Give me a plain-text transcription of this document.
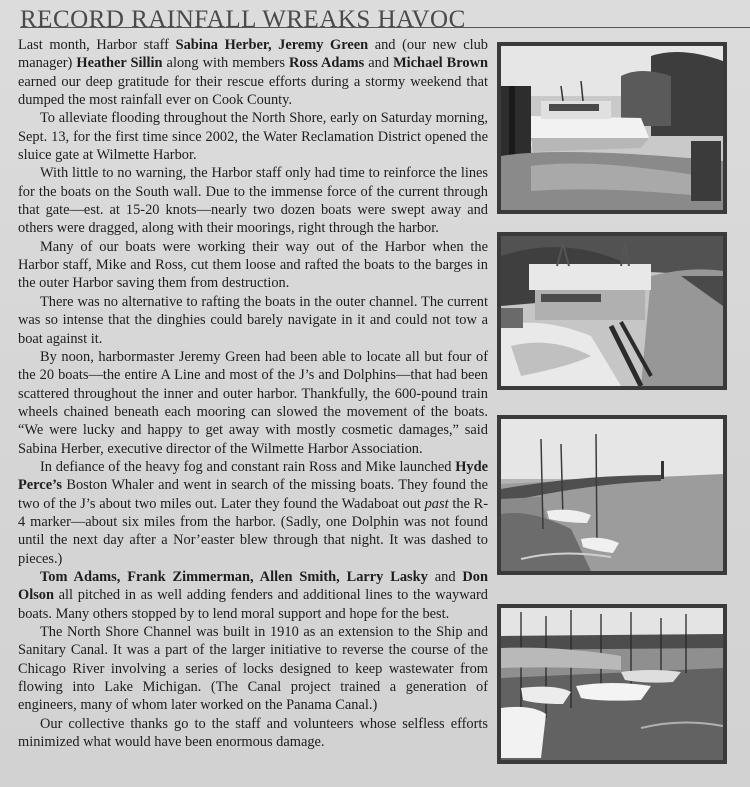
RECORD RAINFALL WREAKS HAVOC

Last month, Harbor staff Sabina Herber, Jeremy Green and (our new club manager) Heather Sillin along with members Ross Adams and Michael Brown earned our deep gratitude for their rescue efforts during a stormy weekend that dumped the most rainfall ever on Cook County.

To alleviate flooding throughout the North Shore, early on Saturday morning, Sept. 13, for the first time since 2002, the Water Reclamation District opened the sluice gate at Wilmette Harbor.

With little to no warning, the Harbor staff only had time to reinforce the lines for the boats on the South wall. Due to the immense force of the current through that gate—est. at 15-20 knots—nearly two dozen boats were swept away and others were dragged, along with their moorings, right through the harbor.

Many of our boats were working their way out of the Harbor when the Harbor staff, Mike and Ross, cut them loose and rafted the boats to the barges in the outer Harbor saving them from destruction.

There was no alternative to rafting the boats in the outer channel. The current was so intense that the dinghies could barely navigate in it and could not tow a boat against it.

By noon, harbormaster Jeremy Green had been able to locate all but four of the 20 boats—the entire A Line and most of the J’s and Dolphins—that had been scattered throughout the inner and outer harbor. Thankfully, the 600-pound train wheels chained beneath each mooring can slowed the movement of the boats. “We were lucky and happy to get away with mostly cosmetic damages,” said Sabina Herber, executive director of the Wilmette Harbor Association.

In defiance of the heavy fog and constant rain Ross and Mike launched Hyde Perce’s Boston Whaler and went in search of the missing boats. They found the two of the J’s about two miles out. Later they found the Wadaboat out past the R-4 marker—about six miles from the harbor. (Sadly, one Dolphin was not found until the next day after a Nor’easter blew through that night. It was dashed to pieces.)

Tom Adams, Frank Zimmerman, Allen Smith, Larry Lasky and Don Olson all pitched in as well adding fenders and additional lines to the wayward boats. Many others stopped by to lend moral support and hope for the best.

The North Shore Channel was built in 1910 as an extension to the Ship and Sanitary Canal. It was a part of the larger initiative to reverse the course of the Chicago River involving a series of locks designed to keep wastewater from flowing into Lake Michigan. (The Canal project trained a generation of engineers, many of whom later worked on the Panama Canal.)

Our collective thanks go to the staff and volunteers whose selfless efforts minimized what would have been enormous damage.
